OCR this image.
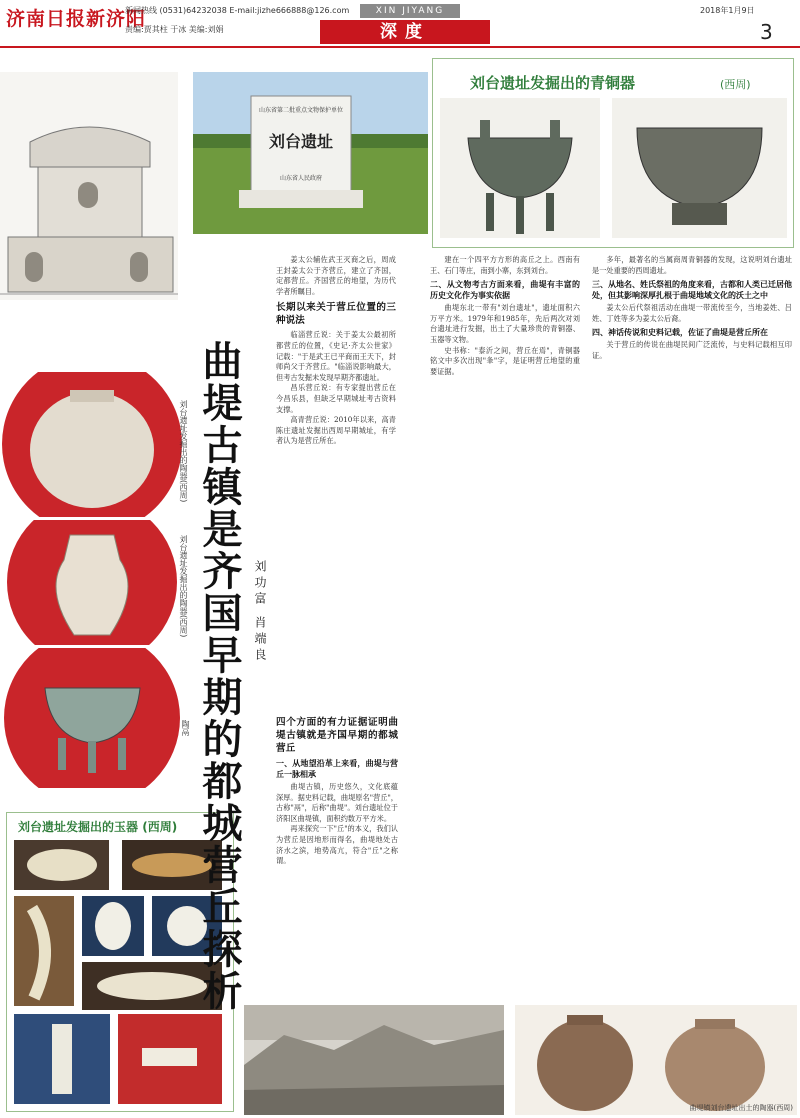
济南日报新济阳
新闻热线 (0531)64232038 E-mail:jizhe666888@126.com
责编:贾其柱 于冰 美编:刘娟
XIN JIYANG
深度
2018年1月9日
3
山东省第二批重点文物保护单位
刘台遗址
山东省人民政府
刘台遗址发掘出的青铜器	(西周)
刘台遗址发掘出的陶器(西周)
刘台遗址发掘出的陶器(西周)
陶鬲
刘台遗址发掘出的玉器 (西周) 曲堤古镇是齐国早期的都城营丘探析 刘功富 肖端良

姜太公辅佐武王灭商之后，周成王封姜太公于齐营丘，建立了齐国，定都营丘。齐国营丘的地望，为历代学者所瞩目。

长期以来关于营丘位置的三种说法

临淄营丘说：关于姜太公最初所都营丘的位置，《史记·齐太公世家》记载："于是武王已平商而王天下，封师尚父于齐营丘。"临淄说影响最大，但考古发掘未发现早期齐都遗址。

昌乐营丘说：有专家提出营丘在今昌乐县，但缺乏早期城址考古资料支撑。

高青营丘说：2010年以来，高青陈庄遗址发掘出西周早期城址，有学者认为是营丘所在。

四个方面的有力证据证明曲堤古镇就是齐国早期的都城营丘
一、从地望沿革上来看，曲堤与营丘一脉相承

曲堤古镇，历史悠久，文化底蕴深厚。据史料记载，曲堤原名"营丘"，古称"鬲"，后称"曲堤"。刘台遗址位于济阳区曲堤镇，面积约数万平方米。

再来探究一下"丘"的本义，我们认为营丘是因地形而得名，曲堤地处古济水之滨，地势高亢，符合"丘"之称谓。

建在一个四平方方形的高丘之上。西南有王、石门等庄，南到小寨，东到刘台。

二、从文物考古方面来看，曲堤有丰富的历史文化作为事实依据

曲堤东北一带有"刘台遗址"，遗址面积六万平方米。1979年和1985年，先后两次对刘台遗址进行发掘，出土了大量珍贵的青铜器、玉器等文物。

史书称："泰沂之间，营丘在焉"，青铜器铭文中多次出现"夆"字，是证明营丘地望的重要证据。

多年，最著名的当属商周青铜器的发现，这说明刘台遗址是一处重要的西周遗址。

三、从地名、姓氏祭祖的角度来看，古都和人类已迁居他处，但其影响深厚扎根于曲堤地域文化的沃土之中

姜太公后代祭祖活动在曲堤一带流传至今，当地姜姓、吕姓、丁姓等多为姜太公后裔。

四、神话传说和史料记载，佐证了曲堤是营丘所在

关于营丘的传说在曲堤民间广泛流传，与史料记载相互印证。

曲堤镇刘台遗址出土的陶器(西周)
